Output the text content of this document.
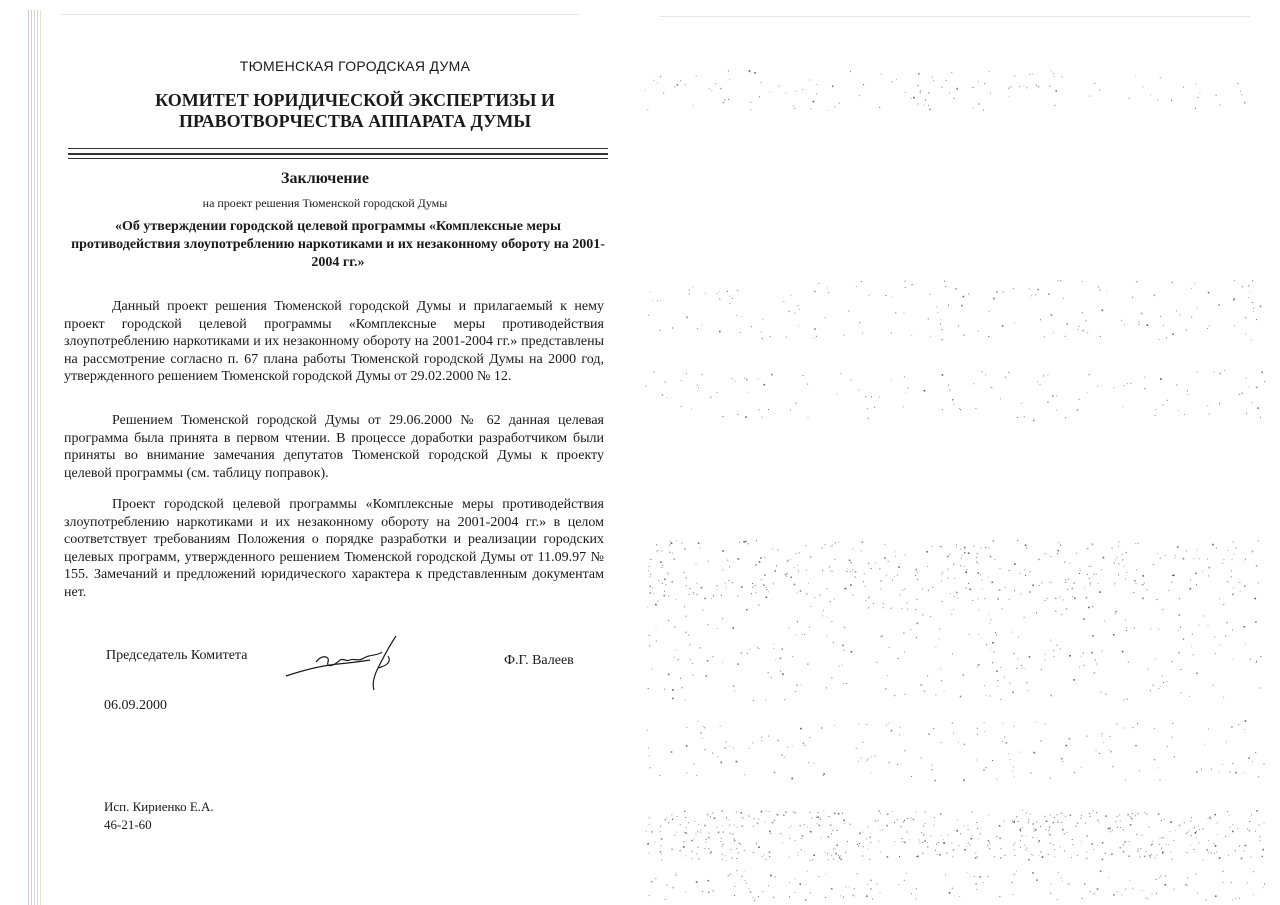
ТЮМЕНСКАЯ ГОРОДСКАЯ ДУМА
КОМИТЕТ ЮРИДИЧЕСКОЙ ЭКСПЕРТИЗЫ И
ПРАВОТВОРЧЕСТВА АППАРАТА ДУМЫ
Заключение
на проект решения Тюменской городской Думы
«Об утверждении городской целевой программы «Комплексные меры противодействия злоупотреблению наркотиками и их незаконному обороту на 2001-2004 гг.»
Данный проект решения Тюменской городской Думы и прилагаемый к нему проект городской целевой программы «Комплексные меры противодействия злоупотреблению наркотиками и их незаконному обороту на 2001-2004 гг.» представлены на рассмотрение согласно п. 67 плана работы Тюменской городской Думы на 2000 год, утвержденного решением Тюменской городской Думы от 29.02.2000 № 12.
Решением Тюменской городской Думы от 29.06.2000 № 62 данная целевая программа была принята в первом чтении. В процессе доработки разработчиком были приняты во внимание замечания депутатов Тюменской городской Думы к проекту целевой программы (см. таблицу поправок).
Проект городской целевой программы «Комплексные меры противодействия злоупотреблению наркотиками и их незаконному обороту на 2001-2004 гг.» в целом соответствует требованиям Положения о порядке разработки и реализации городских целевых программ, утвержденного решением Тюменской городской Думы от 11.09.97 № 155. Замечаний и предложений юридического характера к представленным документам нет.
Председатель Комитета	Ф.Г. Валеев
06.09.2000
Исп. Кириенко Е.А.
46-21-60
